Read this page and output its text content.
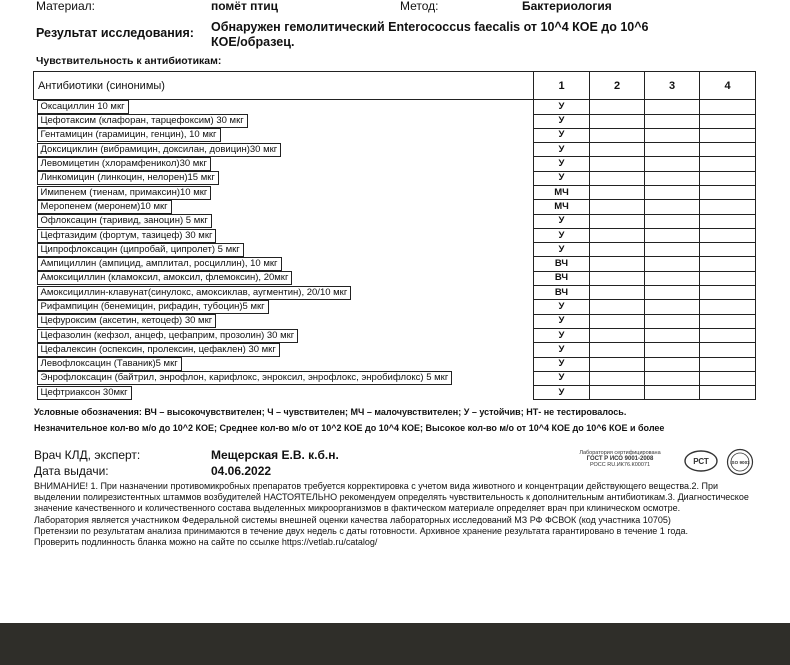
Материал:	помёт птиц	Метод:	Бактериология
Результат исследования: Обнаружен гемолитический Enterococcus faecalis от 10^4 КОЕ до 10^6 КОЕ/образец.
Чувствительность к антибиотикам:
Антибиотики (синонимы)	1	2	3	4
Оксациллин 10 мкг	У			
Цефотаксим (клафоран, тарцефоксим) 30 мкг	У			
Гентамицин (гарамицин, генцин), 10 мкг	У			
Доксициклин (вибрамицин, доксилан, довицин)30 мкг	У			
Левомицетин (хлорамфеникол)30 мкг	У			
Линкомицин (линкоцин, нелорен)15 мкг	У			
Имипенем (тиенам, примаксин)10 мкг	МЧ			
Меропенем (меронем)10 мкг	МЧ			
Офлоксацин (таривид, заноцин) 5 мкг	У			
Цефтазидим (фортум, тазицеф) 30 мкг	У			
Ципрофлоксацин (ципробай, ципролет) 5 мкг	У			
Ампициллин (ампицид, амплитал, росциллин), 10 мкг	ВЧ			
Амоксициллин (кламоксил, амоксил, флемоксин), 20мкг	ВЧ			
Амоксициллин-клавунат(синулокс, амоксиклав, аугментин), 20/10 мкг	ВЧ			
Рифампицин (бенемицин, рифадин, тубоцин)5 мкг	У			
Цефуроксим (аксетин, кетоцеф) 30 мкг	У			
Цефазолин (кефзол, анцеф, цефаприм, прозолин) 30 мкг	У			
Цефалексин (оспексин, пролексин, цефаклен) 30 мкг	У			
Левофлоксацин (Таваник)5 мкг	У			
Энрофлоксацин (байтрил, энрофлон, карифлокс, энроксил, энрофлокс, энробифлокс) 5 мкг	У			
Цефтриаксон 30мкг	У			
Условные обозначения: ВЧ – высокочувствителен; Ч – чувствителен; МЧ – малочувствителен; У – устойчив; НТ- не тестировалось.
Незначительное кол-во м/о до 10^2 КОЕ; Среднее кол-во м/о от 10^2 КОЕ до 10^4 КОЕ; Высокое кол-во м/о от 10^4 КОЕ до 10^6 КОЕ и более
Врач КЛД, эксперт:	Мещерская Е.В. к.б.н.
Дата выдачи:	04.06.2022
Лаборатория сертифицирована
ГОСТ Р ИСО 9001-2008
РОСС RU.ИК76.К00071	РСТ	ISO 9001
ВНИМАНИЕ! 1. При назначении противомикробных препаратов требуется корректировка с учетом вида животного и концентрации действующего вещества.2. При выделении полирезистентных штаммов возбудителей НАСТОЯТЕЛЬНО рекомендуем определять чувствительность к дополнительным антибиотикам.3. Диагностическое значение качественного и количественного состава выделенных микроорганизмов в фактическом материале определяет врач при клиническом осмотре.
Лаборатория является участником Федеральной системы внешней оценки качества лабораторных исследований МЗ РФ ФСВОК (код участника 10705)
Претензии по результатам анализа принимаются в течение двух недель с даты готовности. Архивное хранение результата гарантировано в течение 1 года.
Проверить подлинность бланка можно на сайте по ссылке https://vetlab.ru/catalog/
